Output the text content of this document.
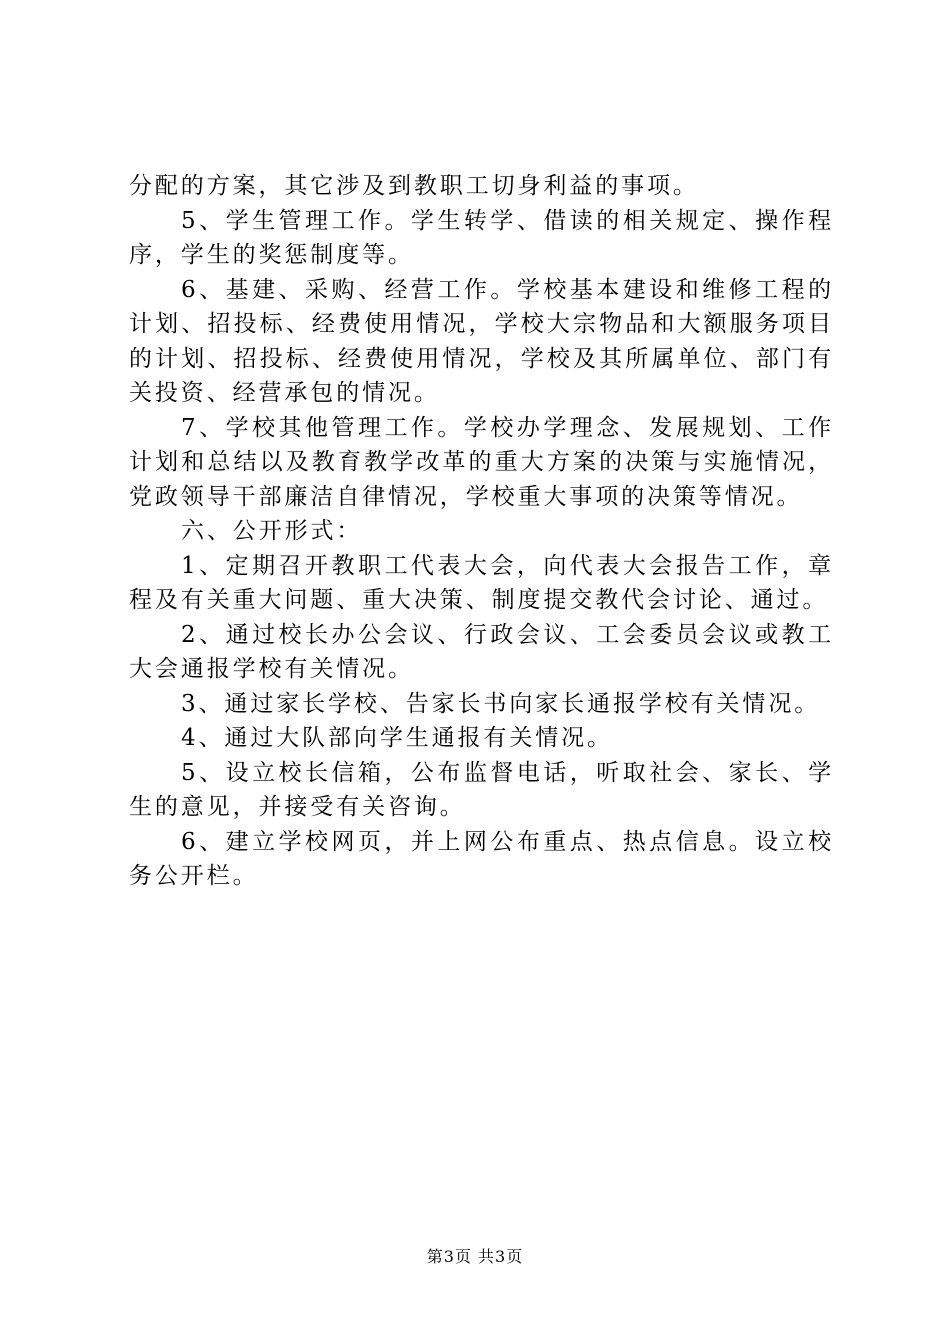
分配的方案，其它涉及到教职工切身利益的事项。

5、学生管理工作。学生转学、借读的相关规定、操作程序，学生的奖惩制度等。

6、基建、采购、经营工作。学校基本建设和维修工程的计划、招投标、经费使用情况，学校大宗物品和大额服务项目的计划、招投标、经费使用情况，学校及其所属单位、部门有关投资、经营承包的情况。

7、学校其他管理工作。学校办学理念、发展规划、工作计划和总结以及教育教学改革的重大方案的决策与实施情况，党政领导干部廉洁自律情况，学校重大事项的决策等情况。

六、公开形式：

1、定期召开教职工代表大会，向代表大会报告工作，章程及有关重大问题、重大决策、制度提交教代会讨论、通过。

2、通过校长办公会议、行政会议、工会委员会议或教工大会通报学校有关情况。

3、通过家长学校、告家长书向家长通报学校有关情况。

4、通过大队部向学生通报有关情况。

5、设立校长信箱，公布监督电话，听取社会、家长、学生的意见，并接受有关咨询。

6、建立学校网页，并上网公布重点、热点信息。设立校务公开栏。

第3页 共3页
